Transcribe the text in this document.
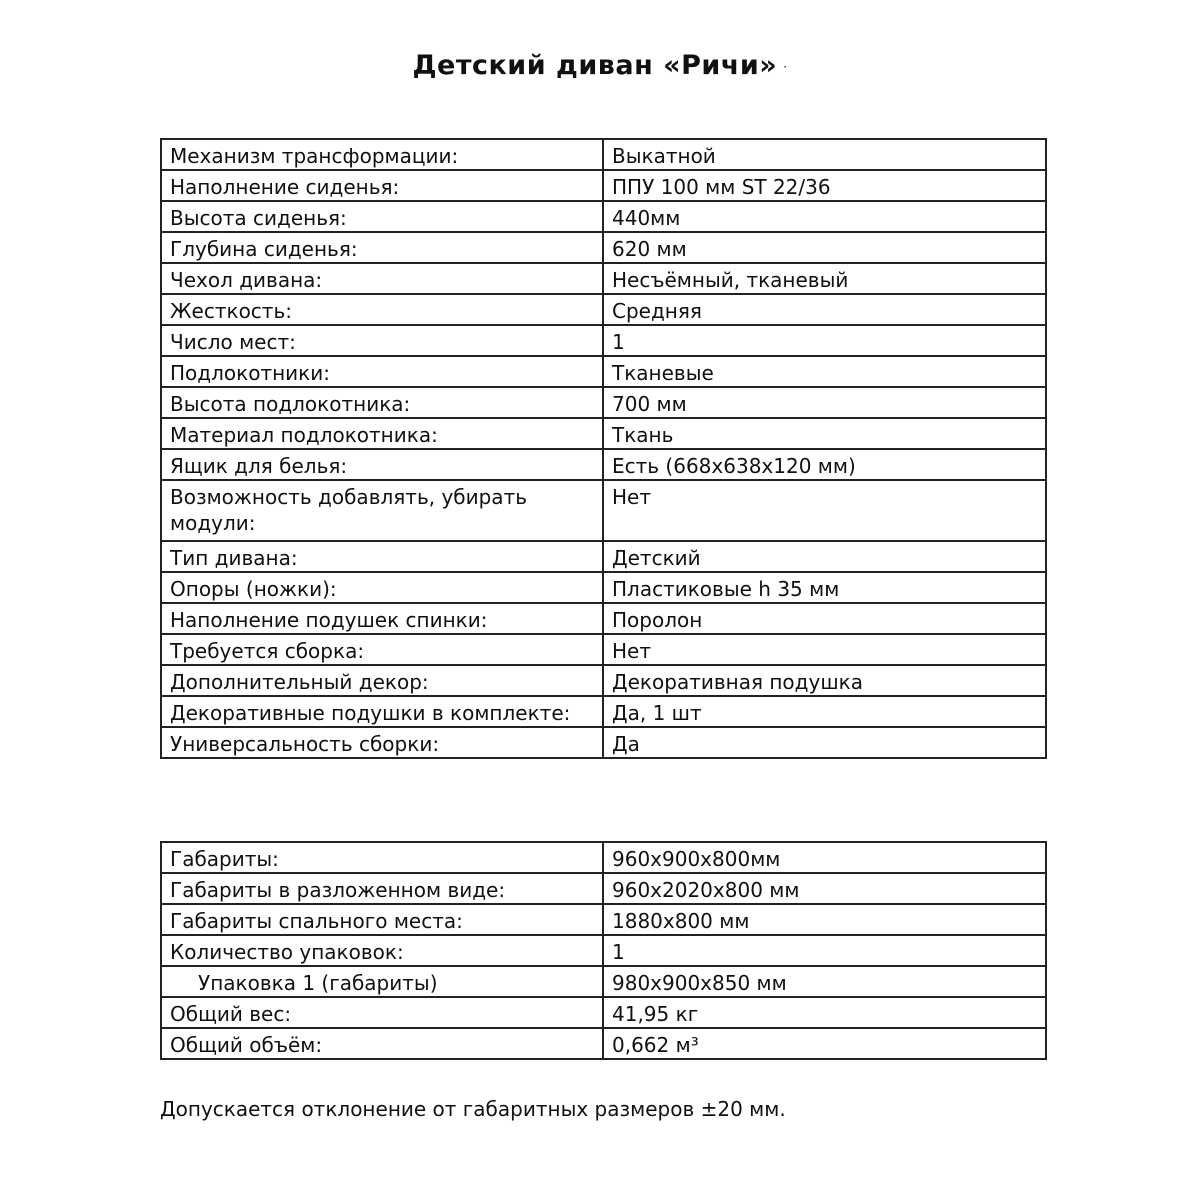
Детский диван «Ричи» ·
Механизм трансформации:	Выкатной
Наполнение сиденья:	ППУ 100 мм ST 22/36
Высота сиденья:	440мм
Глубина сиденья:	620 мм
Чехол дивана:	Несъёмный, тканевый
Жесткость:	Средняя
Число мест:	1
Подлокотники:	Тканевые
Высота подлокотника:	700 мм
Материал подлокотника:	Ткань
Ящик для белья:	Есть (668х638х120 мм)
Возможность добавлять, убирать модули:	Нет
Тип дивана:	Детский
Опоры (ножки):	Пластиковые h 35 мм
Наполнение подушек спинки:	Поролон
Требуется сборка:	Нет
Дополнительный декор:	Декоративная подушка
Декоративные подушки в комплекте:	Да, 1 шт
Универсальность сборки:	Да
Габариты:	960х900х800мм
Габариты в разложенном виде:	960х2020х800 мм
Габариты спального места:	1880х800 мм
Количество упаковок:	1
Упаковка 1 (габариты)	980х900х850 мм
Общий вес:	41,95 кг
Общий объём:	0,662 м³
Допускается отклонение от габаритных размеров ±20 мм.
